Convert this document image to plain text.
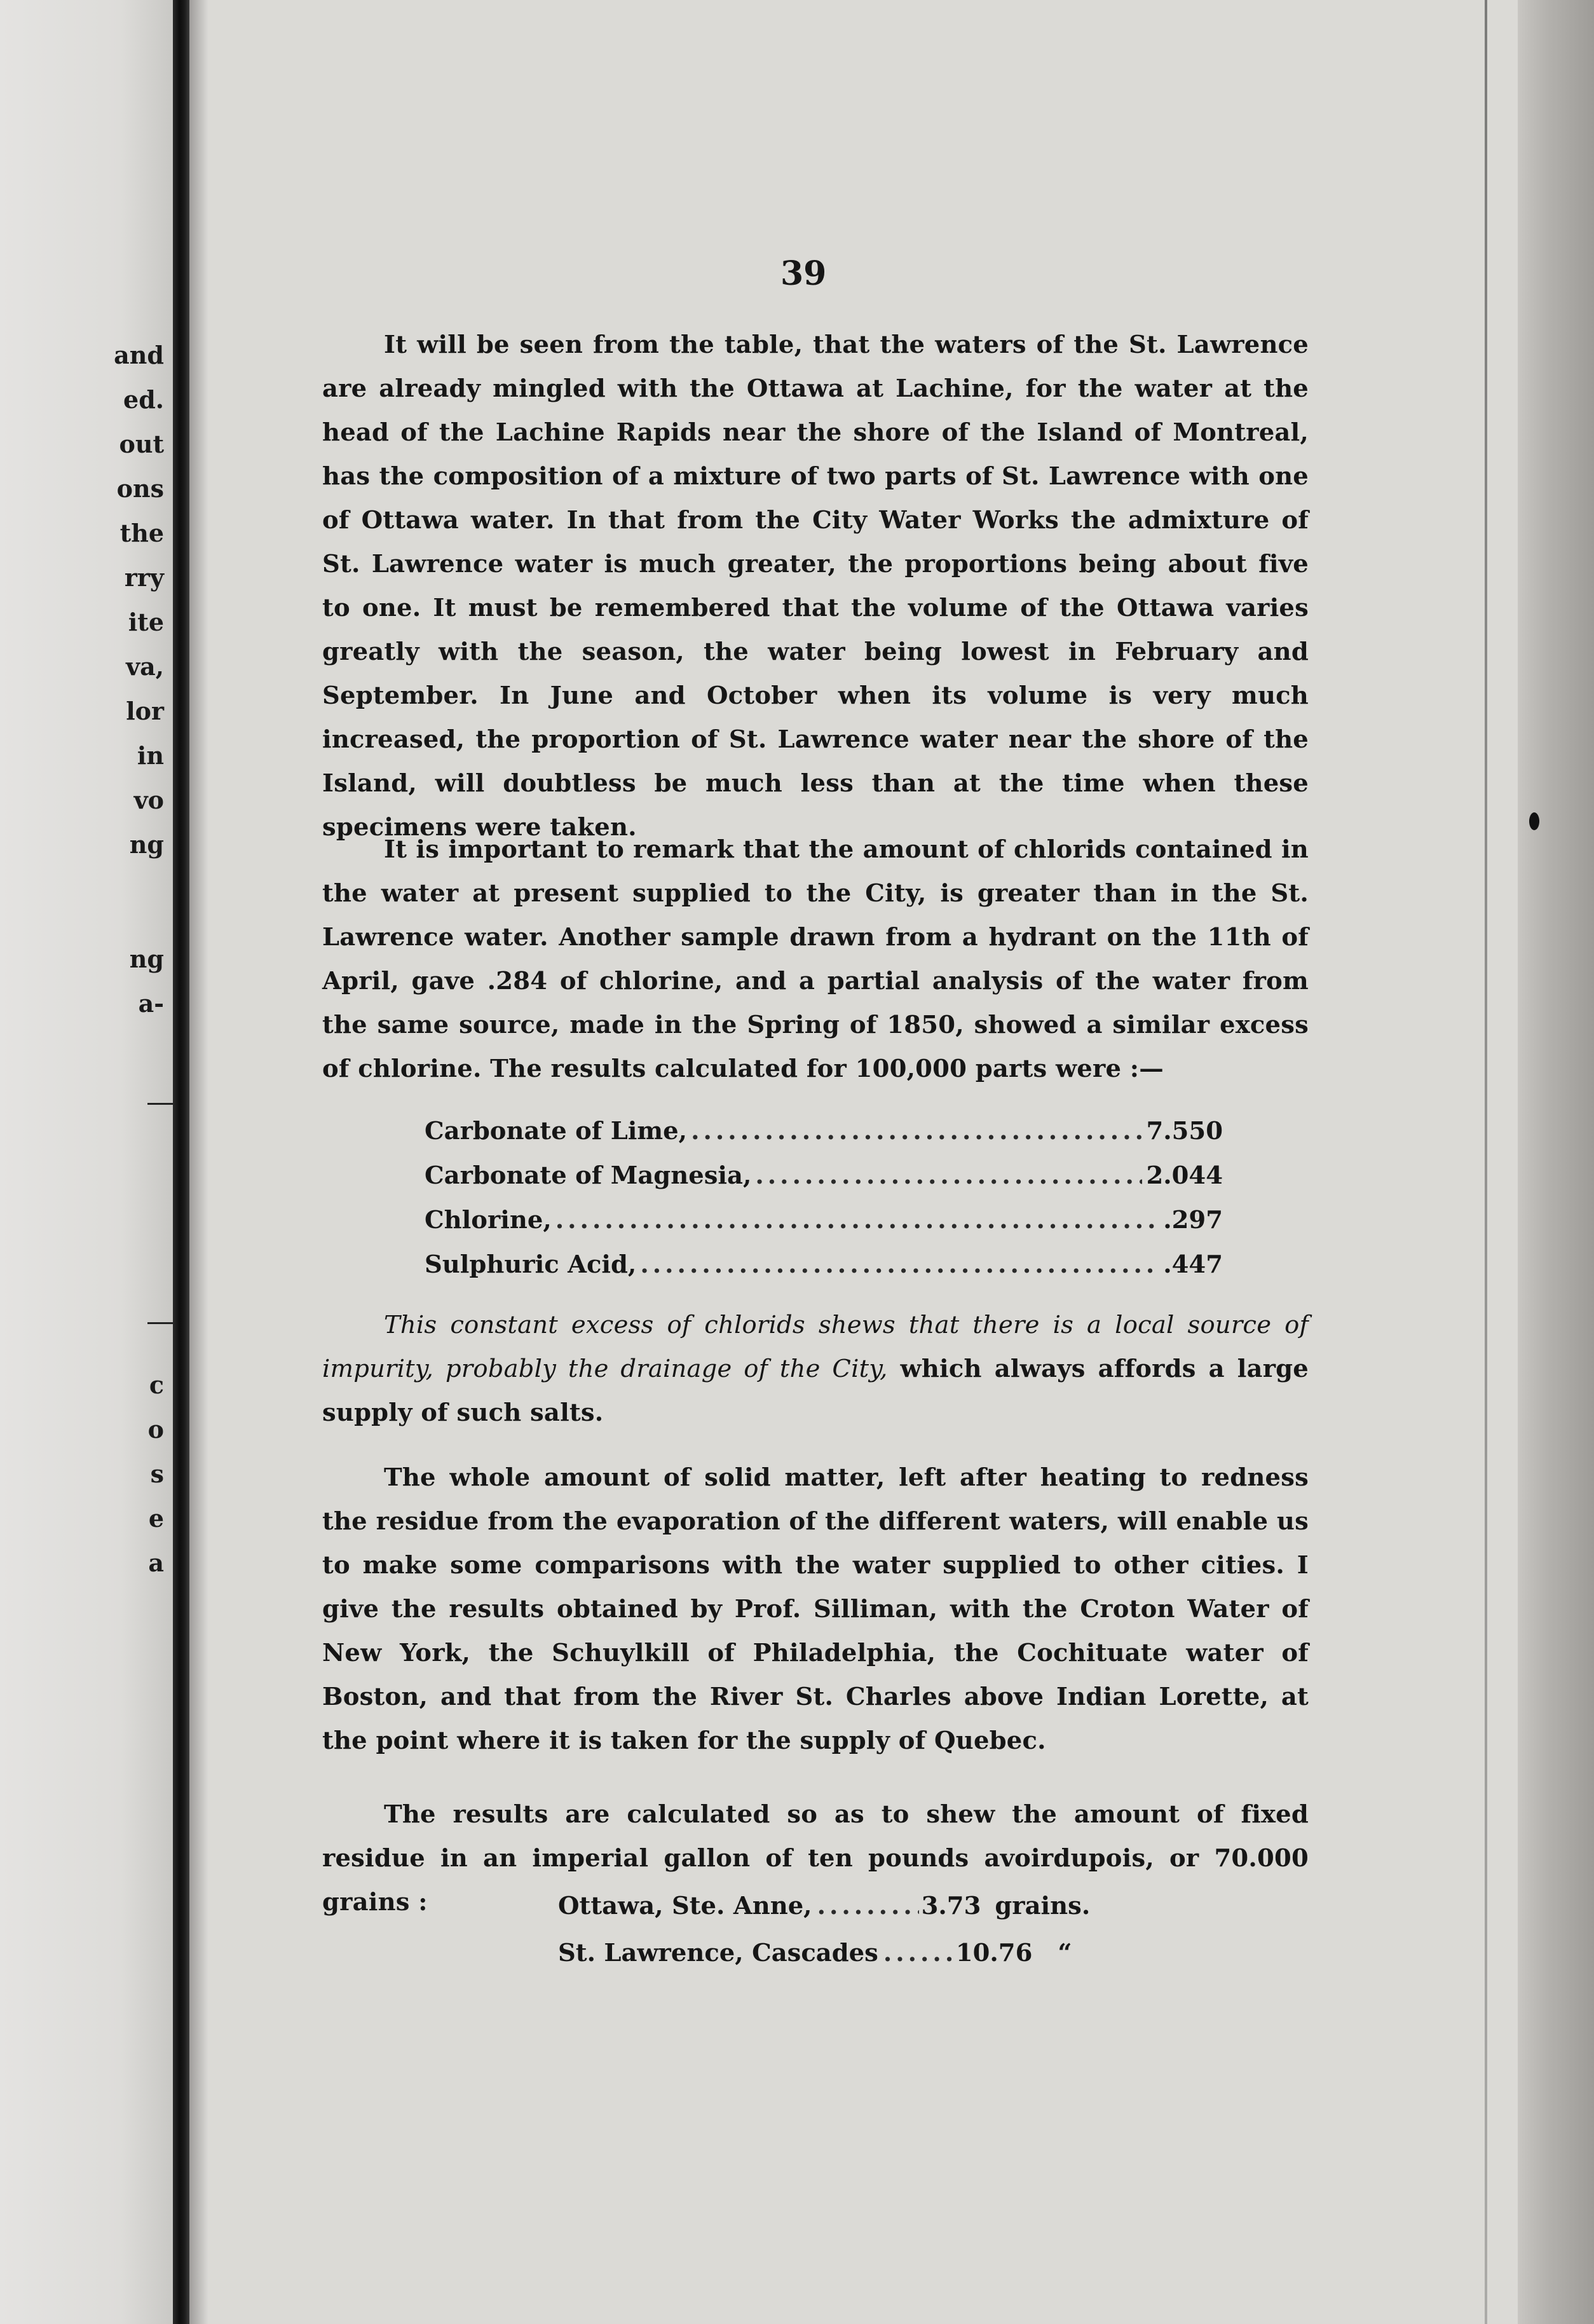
and
ed.
out
ons
the
rry
ite
va,
lor
in
vo
ng
ng
a-
c
o
s
e
a
39

It will be seen from the table, that the waters of the St. Lawrence are already mingled with the Ottawa at Lachine, for the water at the head of the Lachine Rapids near the shore of the Island of Montreal, has the composition of a mixture of two parts of St. Lawrence with one of Ottawa water. In that from the City Water Works the admixture of St. Lawrence water is much greater, the proportions being about five to one. It must be remembered that the volume of the Ottawa varies greatly with the season, the water being lowest in February and September. In June and October when its volume is very much increased, the proportion of St. Lawrence water near the shore of the Island, will doubtless be much less than at the time when these specimens were taken.

It is important to remark that the amount of chlorids contained in the water at present supplied to the City, is greater than in the St. Lawrence water. Another sample drawn from a hydrant on the 11th of April, gave .284 of chlorine, and a partial analysis of the water from the same source, made in the Spring of 1850, showed a similar excess of chlorine. The results calculated for 100,000 parts were :—

Carbonate of Lime, .....	7.550
Carbonate of Magnesia, .....	2.044
Chlorine, .....	.297
Sulphuric Acid, .....	.447

This constant excess of chlorids shews that there is a local source of impurity, probably the drainage of the City, which always affords a large supply of such salts.

The whole amount of solid matter, left after heating to redness the residue from the evaporation of the different waters, will enable us to make some comparisons with the water supplied to other cities. I give the results obtained by Prof. Silliman, with the Croton Water of New York, the Schuylkill of Philadelphia, the Cochituate water of Boston, and that from the River St. Charles above Indian Lorette, at the point where it is taken for the supply of Quebec.

The results are calculated so as to shew the amount of fixed residue in an imperial gallon of ten pounds avoirdupois, or 70.000 grains :	Ottawa, Ste. Anne, .....	3.73 grains.
St. Lawrence, Cascades .....	10.76 “
